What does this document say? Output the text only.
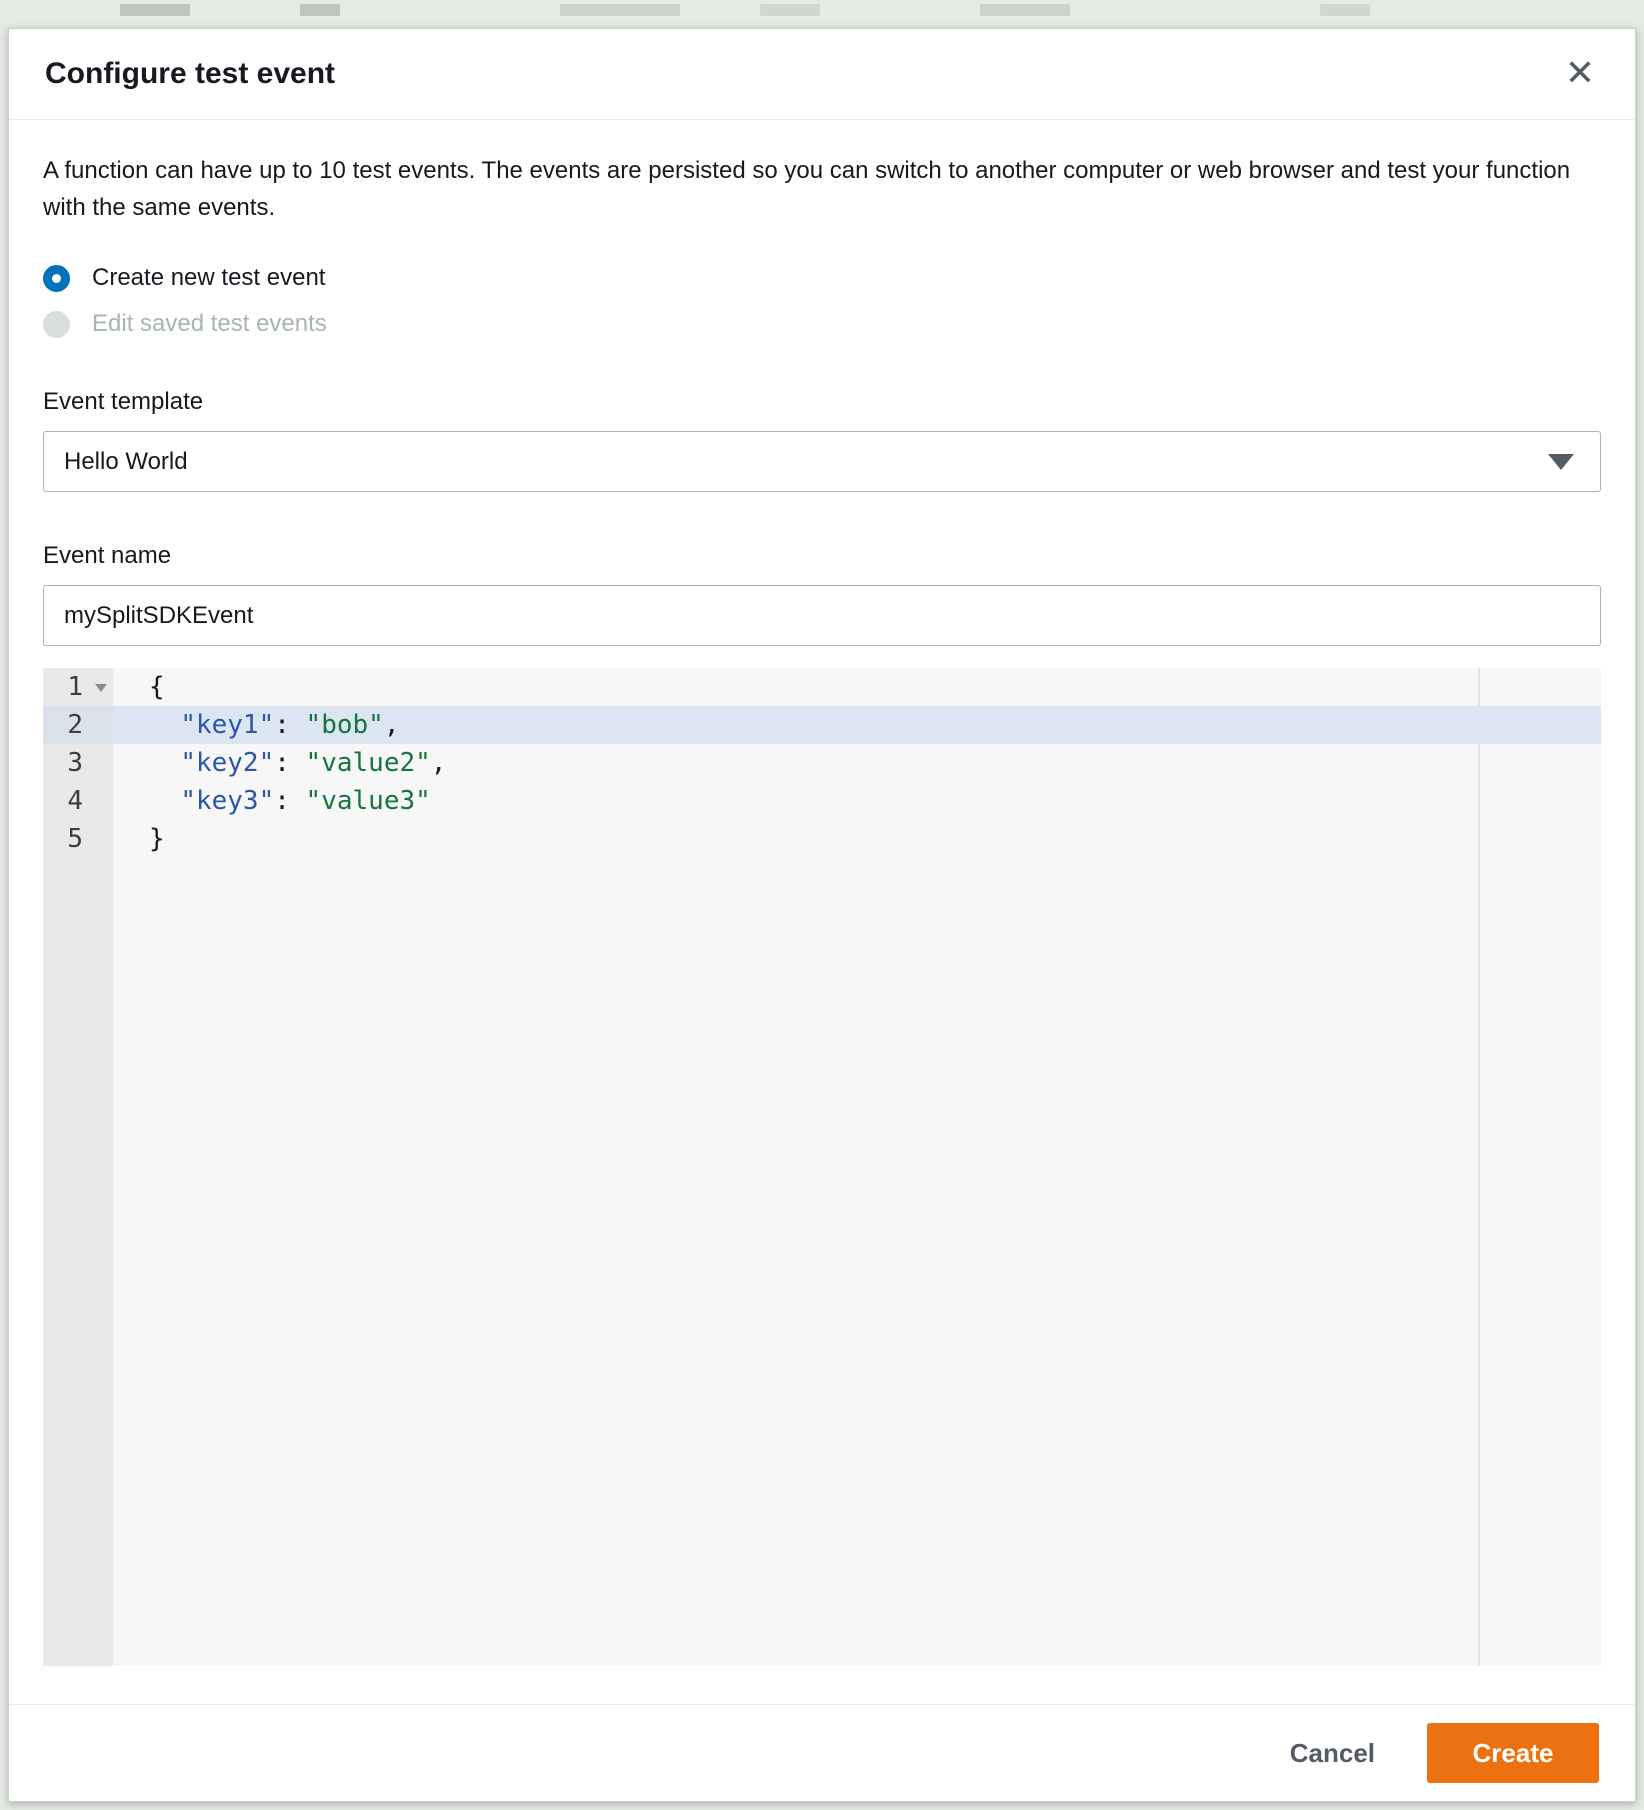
Configure test event	✕
A function can have up to 10 test events. The events are persisted so you can switch to another computer or web browser and test your function with the same events.
Create new test event
Edit saved test events
Event template
Hello World
Event name
mySplitSDKEvent
1	{
2	"key1": "bob",
3	"key2": "value2",
4	"key3": "value3"
5	}
Cancel	Create
